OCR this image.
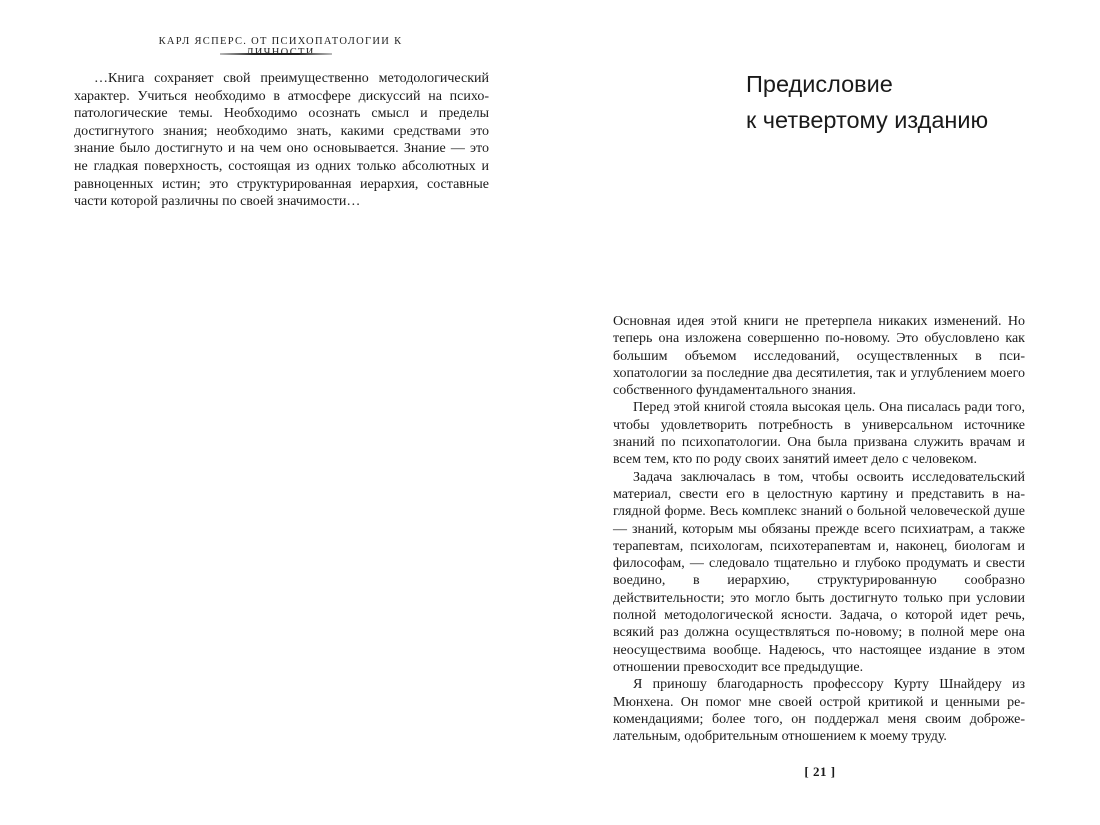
КАРЛ ЯСПЕРС. ОТ ПСИХОПАТОЛОГИИ К

…Книга сохраняет свой преимущественно методологический характер. Учиться необходимо в атмосфере дискуссий на психопатологические темы. Необходимо осознать смысл и пределы достигнутого знания; необходимо знать, какими средствами это знание было достигнуто и на чем оно основывается. Знание — это не гладкая поверхность, состоящая из одних только абсолютных и равноценных истин; это структурированная иерархия, составные части которой различны по своей значимости…

Предисловие
к четвертому изданию

Основная идея этой книги не претерпела никаких изменений. Но теперь она изложена совершенно по-новому. Это обусловлено как большим объемом исследований, осуществленных в психопатологии за последние два десятилетия, так и углублением моего собственного фундаментального знания.

Перед этой книгой стояла высокая цель. Она писалась ради того, чтобы удовлетворить потребность в универсальном источнике знаний по психопатологии. Она была призвана служить врачам и всем тем, кто по роду своих занятий имеет дело с человеком.

Задача заключалась в том, чтобы освоить исследовательский материал, свести его в целостную картину и представить в наглядной форме. Весь комплекс знаний о больной человеческой душе — знаний, которым мы обязаны прежде всего психиатрам, а также терапевтам, психологам, психотерапевтам и, наконец, биологам и философам, — следовало тщательно и глубоко продумать и свести воедино, в иерархию, структурированную сообразно действительности; это могло быть достигнуто только при условии полной методологической ясности. Задача, о которой идет речь, всякий раз должна осуществляться по-новому; в полной мере она неосуществима вообще. Надеюсь, что настоящее издание в этом отношении превосходит все предыдущие.

Я приношу благодарность профессору Курту Шнайдеру из Мюнхена. Он помог мне своей острой критикой и ценными рекомендациями; более того, он поддержал меня своим доброжелательным, одобрительным отношением к моему труду.

[ 21 ]
